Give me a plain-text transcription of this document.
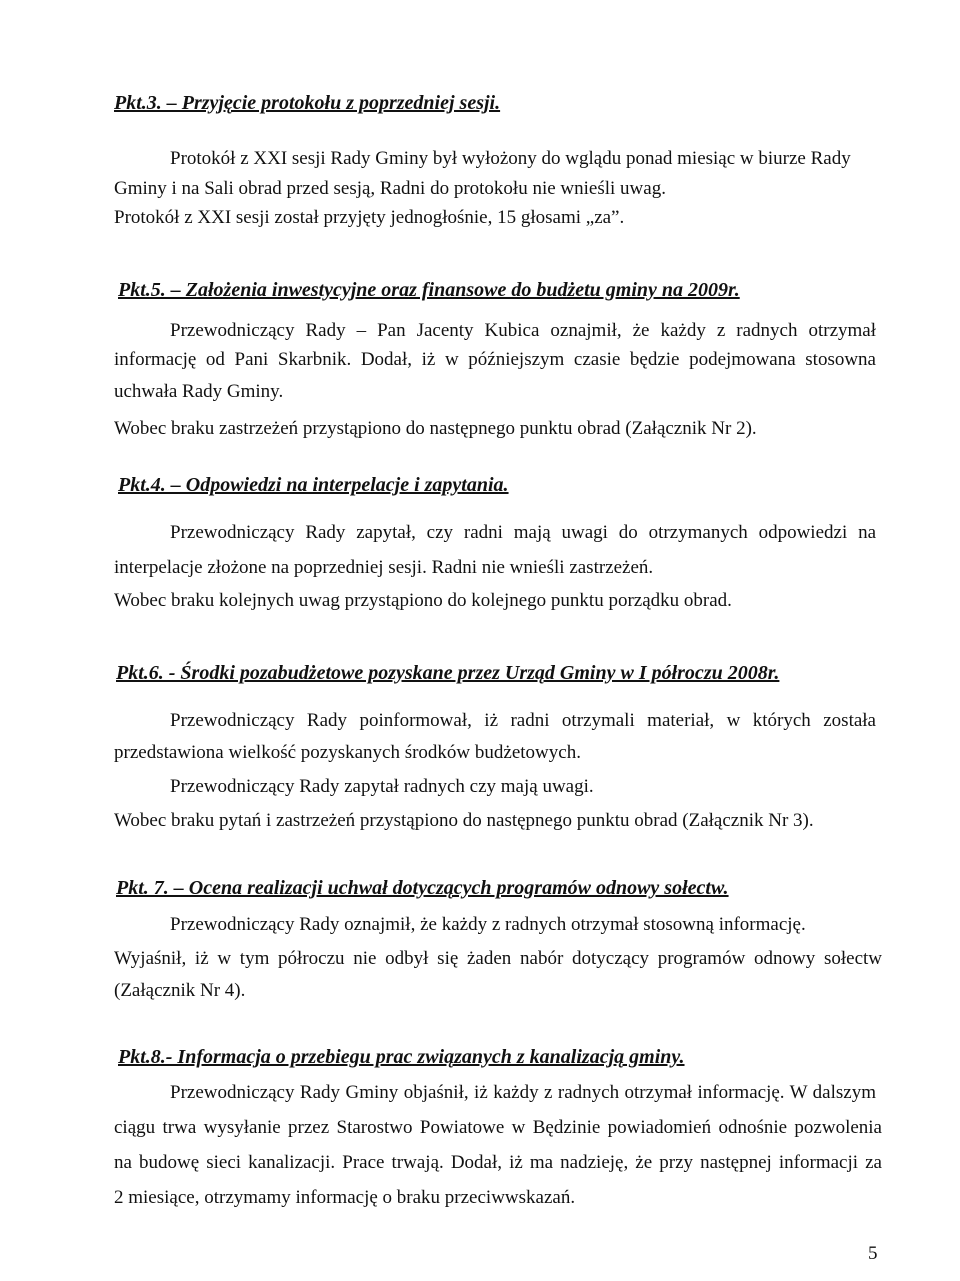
Pkt.3. – Przyjęcie protokołu z poprzedniej sesji.
Protokół z XXI sesji Rady Gminy był wyłożony do wglądu ponad miesiąc w biurze Rady
Gminy i na Sali obrad przed sesją, Radni do protokołu nie wnieśli uwag.
Protokół z XXI sesji został przyjęty jednogłośnie, 15 głosami „za”.
Pkt.5. – Założenia inwestycyjne oraz finansowe do budżetu gminy na 2009r.
Przewodniczący Rady – Pan Jacenty Kubica oznajmił, że każdy z radnych otrzymał
informację od Pani Skarbnik. Dodał, iż w późniejszym czasie będzie podejmowana stosowna
uchwała Rady Gminy.
Wobec braku zastrzeżeń przystąpiono do następnego punktu obrad (Załącznik Nr 2).
Pkt.4. – Odpowiedzi na interpelacje i zapytania.
Przewodniczący Rady zapytał, czy radni mają uwagi do otrzymanych odpowiedzi na
interpelacje złożone na poprzedniej sesji. Radni nie wnieśli zastrzeżeń.
Wobec braku kolejnych uwag przystąpiono do kolejnego punktu porządku obrad.
Pkt.6. - Środki pozabudżetowe pozyskane przez Urząd Gminy w I półroczu 2008r.
Przewodniczący Rady poinformował, iż radni otrzymali materiał, w których została
przedstawiona wielkość pozyskanych środków budżetowych.
Przewodniczący Rady zapytał radnych czy mają uwagi.
Wobec braku pytań i zastrzeżeń przystąpiono do następnego punktu obrad (Załącznik Nr 3).
Pkt. 7. – Ocena realizacji uchwał dotyczących programów odnowy sołectw.
Przewodniczący Rady oznajmił, że każdy z radnych otrzymał stosowną informację.
Wyjaśnił, iż w tym półroczu nie odbył się żaden nabór dotyczący programów odnowy sołectw
(Załącznik Nr 4).
Pkt.8.- Informacja o przebiegu prac związanych z kanalizacją gminy.
Przewodniczący Rady Gminy objaśnił, iż każdy z radnych otrzymał informację. W dalszym
ciągu trwa wysyłanie przez Starostwo Powiatowe w Będzinie powiadomień odnośnie pozwolenia
na budowę sieci kanalizacji. Prace trwają. Dodał, iż ma nadzieję, że przy następnej informacji za
2 miesiące, otrzymamy informację o braku przeciwwskazań.
5
